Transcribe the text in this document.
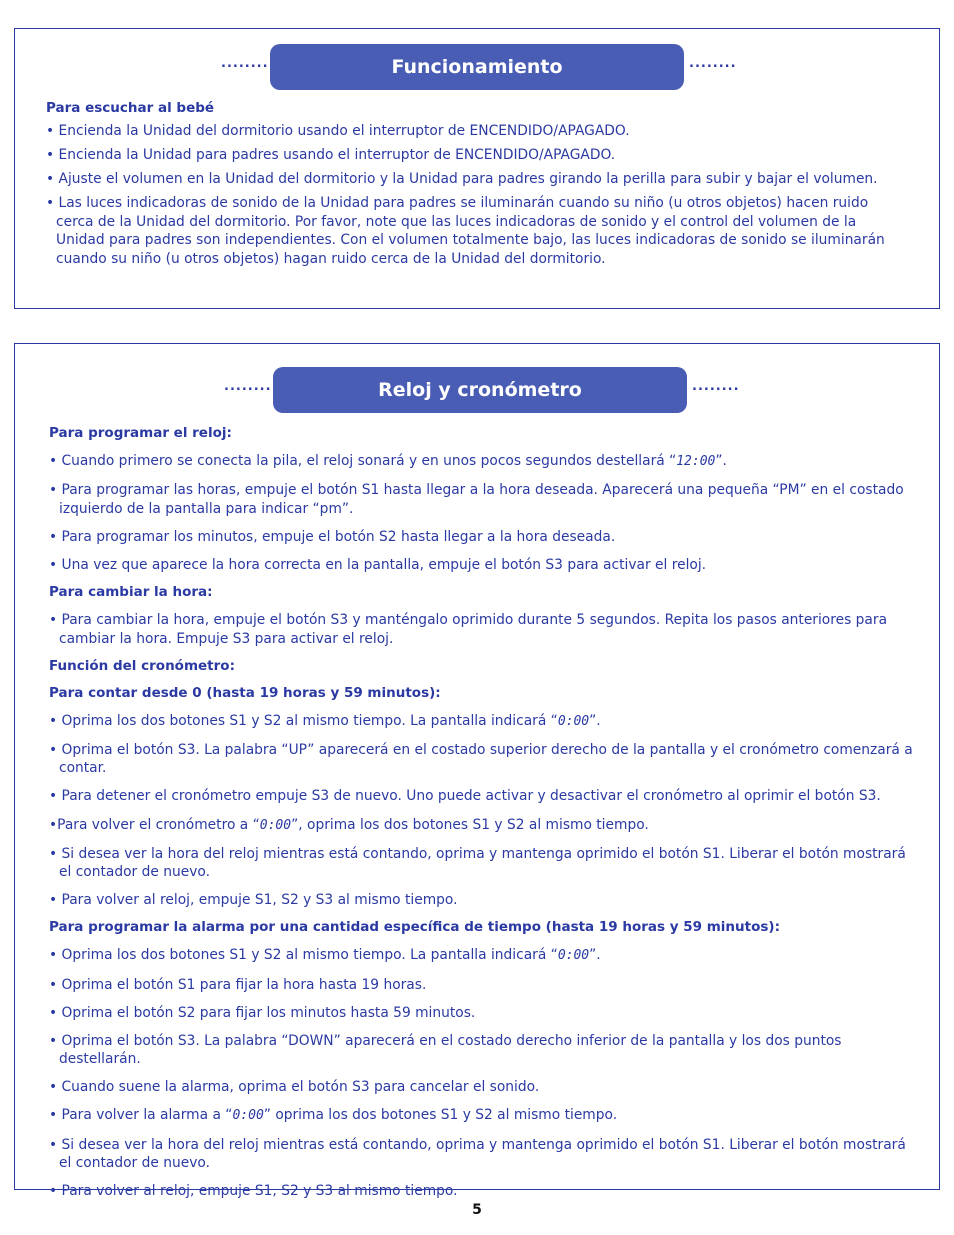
........	Funcionamiento	........

Para escuchar al bebé

• Encienda la Unidad del dormitorio usando el interruptor de ENCENDIDO/APAGADO.

• Encienda la Unidad para padres usando el interruptor de ENCENDIDO/APAGADO.

• Ajuste el volumen en la Unidad del dormitorio y la Unidad para padres girando la perilla para subir y bajar el volumen.

• Las luces indicadoras de sonido de la Unidad para padres se iluminarán cuando su niño (u otros objetos) hacen ruido cerca de la Unidad del dormitorio. Por favor, note que las luces indicadoras de sonido y el control del volumen de la Unidad para padres son independientes. Con el volumen totalmente bajo, las luces indicadoras de sonido se iluminarán cuando su niño (u otros objetos) hagan ruido cerca de la Unidad del dormitorio.

........	Reloj y cronómetro	........

Para programar el reloj:

• Cuando primero se conecta la pila, el reloj sonará y en unos pocos segundos destellará “12:00”.

• Para programar las horas, empuje el botón S1 hasta llegar a la hora deseada. Aparecerá una pequeña “PM” en el costado izquierdo de la pantalla para indicar “pm”.

• Para programar los minutos, empuje el botón S2 hasta llegar a la hora deseada.

• Una vez que aparece la hora correcta en la pantalla, empuje el botón S3 para activar el reloj.

Para cambiar la hora:

• Para cambiar la hora, empuje el botón S3 y manténgalo oprimido durante 5 segundos. Repita los pasos anteriores para cambiar la hora. Empuje S3 para activar el reloj.

Función del cronómetro:

Para contar desde 0 (hasta 19 horas y 59 minutos):

• Oprima los dos botones S1 y S2 al mismo tiempo. La pantalla indicará “0:00”.

• Oprima el botón S3. La palabra “UP” aparecerá en el costado superior derecho de la pantalla y el cronómetro comenzará a contar.

• Para detener el cronómetro empuje S3 de nuevo. Uno puede activar y desactivar el cronómetro al oprimir el botón S3.

•Para volver el cronómetro a “0:00”, oprima los dos botones S1 y S2 al mismo tiempo.

• Si desea ver la hora del reloj mientras está contando, oprima y mantenga oprimido el botón S1. Liberar el botón mostrará el contador de nuevo.

• Para volver al reloj, empuje S1, S2 y S3 al mismo tiempo.

Para programar la alarma por una cantidad específica de tiempo (hasta 19 horas y 59 minutos):

• Oprima los dos botones S1 y S2 al mismo tiempo. La pantalla indicará “0:00”.

• Oprima el botón S1 para fijar la hora hasta 19 horas.

• Oprima el botón S2 para fijar los minutos hasta 59 minutos.

• Oprima el botón S3. La palabra “DOWN” aparecerá en el costado derecho inferior de la pantalla y los dos puntos destellarán.

• Cuando suene la alarma, oprima el botón S3 para cancelar el sonido.

• Para volver la alarma a “0:00” oprima los dos botones S1 y S2 al mismo tiempo.

• Si desea ver la hora del reloj mientras está contando, oprima y mantenga oprimido el botón S1. Liberar el botón mostrará el contador de nuevo.

• Para volver al reloj, empuje S1, S2 y S3 al mismo tiempo.

5
